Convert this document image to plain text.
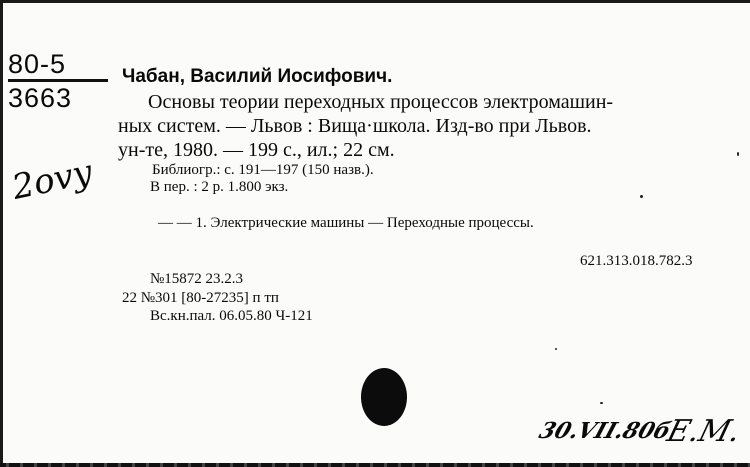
80-5
3663
2ovy
Чабан, Василий Иосифович.
Основы теории переходных процессов электромашин-
ных систем. — Львов : Вища·школа. Изд-во при Львов.
ун-те, 1980. — 199 с., ил.; 22 см.
Библиогр.: с. 191—197 (150 назв.).
В пер. : 2 р. 1.800 экз.
— — 1. Электрические машины — Переходные процессы.
621.313.018.782.3
№15872 23.2.3
22 №301 [80-27235] п тп
Вс.кн.пал. 06.05.80 Ч-121
30.VII.80б
Е.М.
